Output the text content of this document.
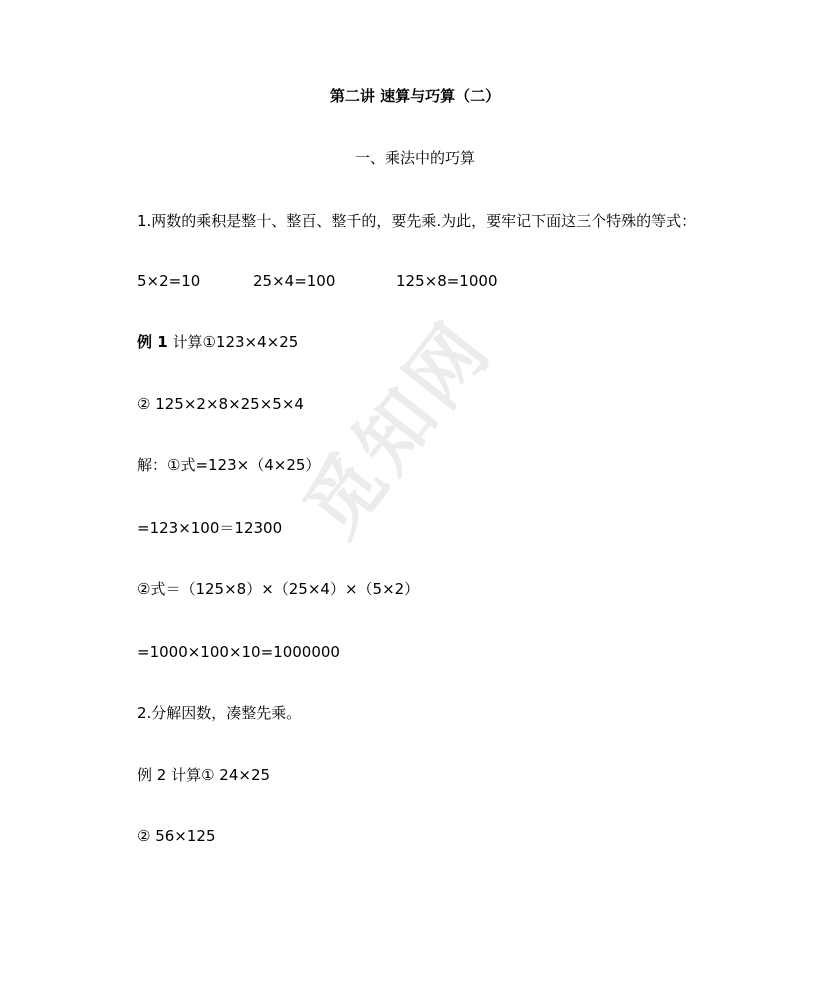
觅知网
第二讲 速算与巧算（二）
一、乘法中的巧算
1.两数的乘积是整十、整百、整千的，要先乘.为此，要牢记下面这三个特殊的等式：
5×2=10	25×4=100	125×8=1000
例 1 计算①123×4×25
② 125×2×8×25×5×4
解：①式=123×（4×25）
=123×100＝12300
②式＝（125×8）×（25×4）×（5×2）
=1000×100×10=1000000
2.分解因数，凑整先乘。
例 2 计算① 24×25
② 56×125
